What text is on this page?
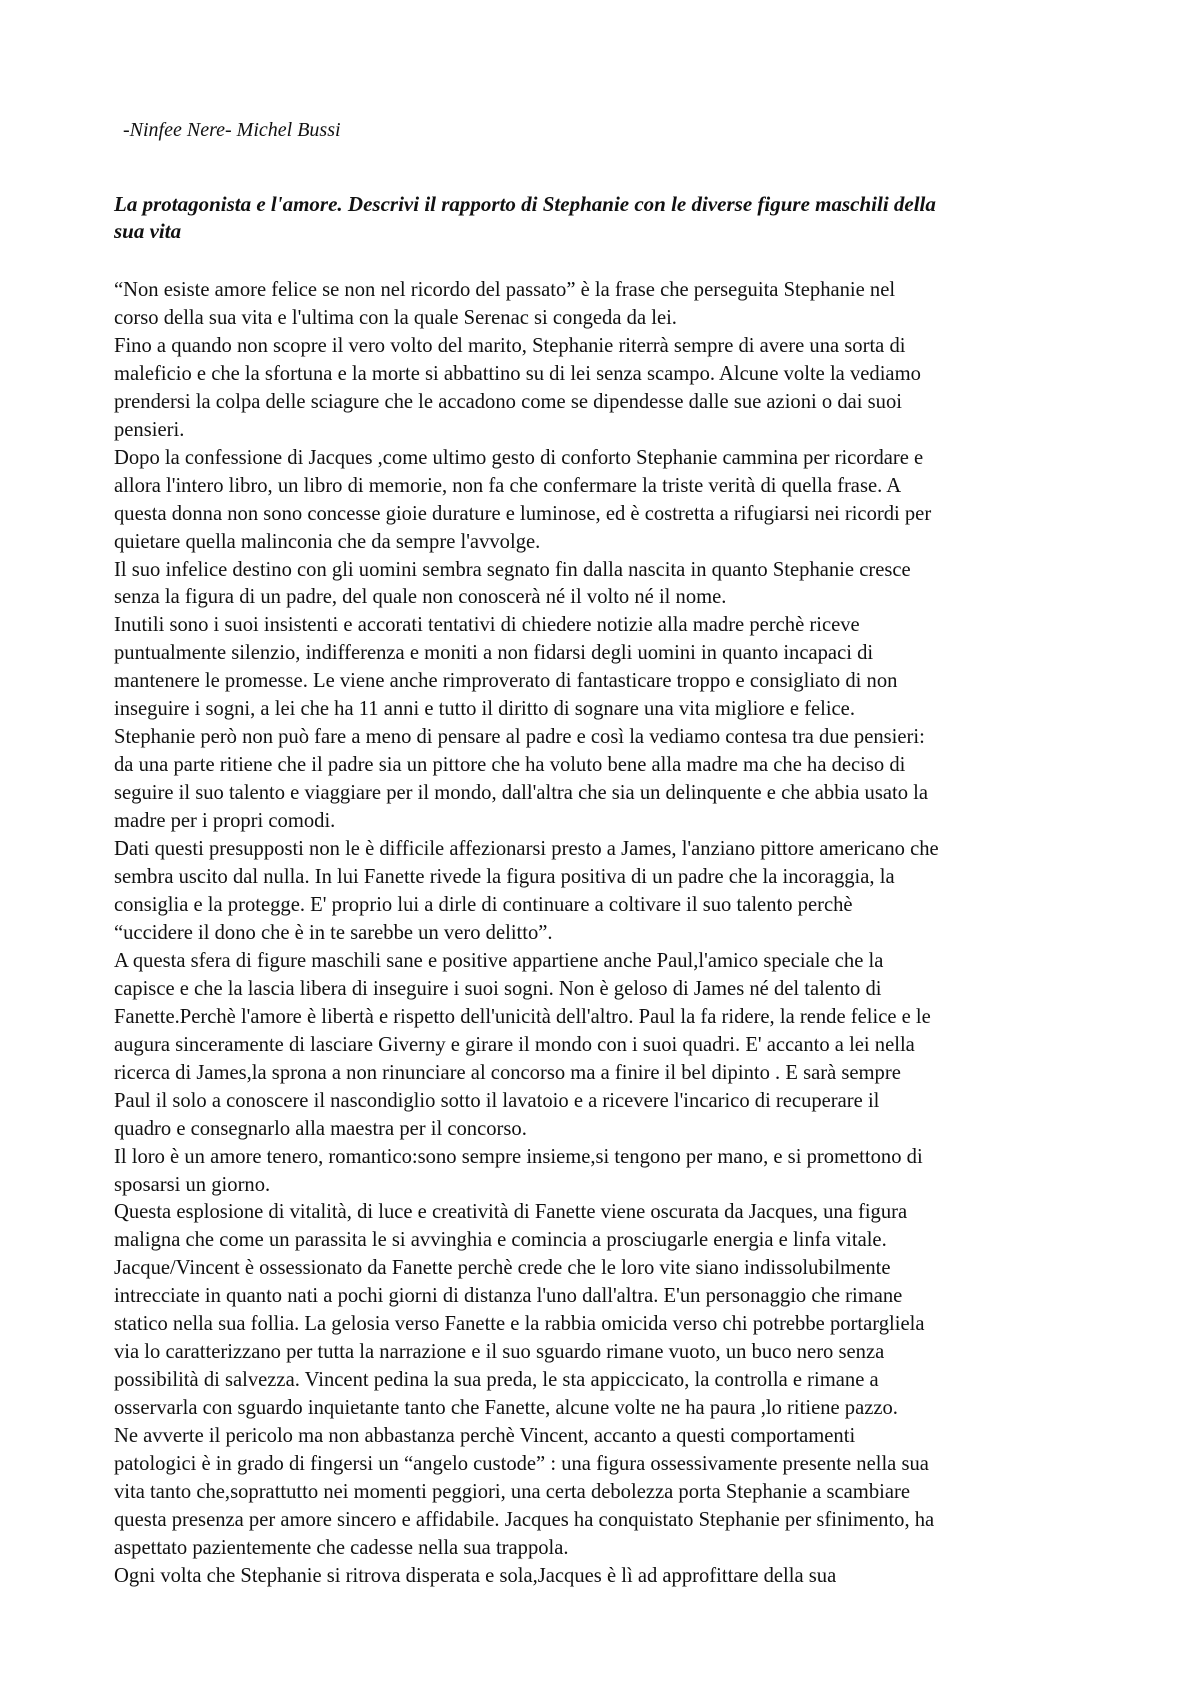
-Ninfee Nere- Michel Bussi
La protagonista e l'amore. Descrivi il rapporto di Stephanie con le diverse figure maschili della
sua vita
“Non esiste amore felice se non nel ricordo del passato” è la frase che perseguita Stephanie nel
corso della sua vita e l'ultima con la quale Serenac si congeda da lei.
Fino a quando non scopre il vero volto del marito, Stephanie riterrà sempre di avere una sorta di
maleficio e che la sfortuna e la morte si abbattino su di lei senza scampo. Alcune volte la vediamo
prendersi la colpa delle sciagure che le accadono come se dipendesse dalle sue azioni o dai suoi
pensieri.
Dopo la confessione di Jacques ,come ultimo gesto di conforto Stephanie cammina per ricordare e
allora l'intero libro, un libro di memorie, non fa che confermare la triste verità di quella frase. A
questa donna non sono concesse gioie durature e luminose, ed è costretta a rifugiarsi nei ricordi per
quietare quella malinconia che da sempre l'avvolge.
Il suo infelice destino con gli uomini sembra segnato fin dalla nascita in quanto Stephanie cresce
senza la figura di un padre, del quale non conoscerà né il volto né il nome.
Inutili sono i suoi insistenti e accorati tentativi di chiedere notizie alla madre perchè riceve
puntualmente silenzio, indifferenza e moniti a non fidarsi degli uomini in quanto incapaci di
mantenere le promesse. Le viene anche rimproverato di fantasticare troppo e consigliato di non
inseguire i sogni, a lei che ha 11 anni e tutto il diritto di sognare una vita migliore e felice.
Stephanie però non può fare a meno di pensare al padre e così la vediamo contesa tra due pensieri:
da una parte ritiene che il padre sia un pittore che ha voluto bene alla madre ma che ha deciso di
seguire il suo talento e viaggiare per il mondo, dall'altra che sia un delinquente e che abbia usato la
madre per i propri comodi.
Dati questi presupposti non le è difficile affezionarsi presto a James, l'anziano pittore americano che
sembra uscito dal nulla. In lui Fanette rivede la figura positiva di un padre che la incoraggia, la
consiglia e la protegge. E' proprio lui a dirle di continuare a coltivare il suo talento perchè
“uccidere il dono che è in te sarebbe un vero delitto”.
A questa sfera di figure maschili sane e positive appartiene anche Paul,l'amico speciale che la
capisce e che la lascia libera di inseguire i suoi sogni. Non è geloso di James né del talento di
Fanette.Perchè l'amore è libertà e rispetto dell'unicità dell'altro. Paul la fa ridere, la rende felice e le
augura sinceramente di lasciare Giverny e girare il mondo con i suoi quadri. E' accanto a lei nella
ricerca di James,la sprona a non rinunciare al concorso ma a finire il bel dipinto . E sarà sempre
Paul il solo a conoscere il nascondiglio sotto il lavatoio e a ricevere l'incarico di recuperare il
quadro e consegnarlo alla maestra per il concorso.
Il loro è un amore tenero, romantico:sono sempre insieme,si tengono per mano, e si promettono di
sposarsi un giorno.
Questa esplosione di vitalità, di luce e creatività di Fanette viene oscurata da Jacques, una figura
maligna che come un parassita le si avvinghia e comincia a prosciugarle energia e linfa vitale.
Jacque/Vincent è ossessionato da Fanette perchè crede che le loro vite siano indissolubilmente
intrecciate in quanto nati a pochi giorni di distanza l'uno dall'altra. E'un personaggio che rimane
statico nella sua follia. La gelosia verso Fanette e la rabbia omicida verso chi potrebbe portargliela
via lo caratterizzano per tutta la narrazione e il suo sguardo rimane vuoto, un buco nero senza
possibilità di salvezza. Vincent pedina la sua preda, le sta appiccicato, la controlla e rimane a
osservarla con sguardo inquietante tanto che Fanette, alcune volte ne ha paura ,lo ritiene pazzo.
Ne avverte il pericolo ma non abbastanza perchè Vincent, accanto a questi comportamenti
patologici è in grado di fingersi un “angelo custode” : una figura ossessivamente presente nella sua
vita tanto che,soprattutto nei momenti peggiori, una certa debolezza porta Stephanie a scambiare
questa presenza per amore sincero e affidabile. Jacques ha conquistato Stephanie per sfinimento, ha
aspettato pazientemente che cadesse nella sua trappola.
Ogni volta che Stephanie si ritrova disperata e sola,Jacques è lì ad approfittare della sua
